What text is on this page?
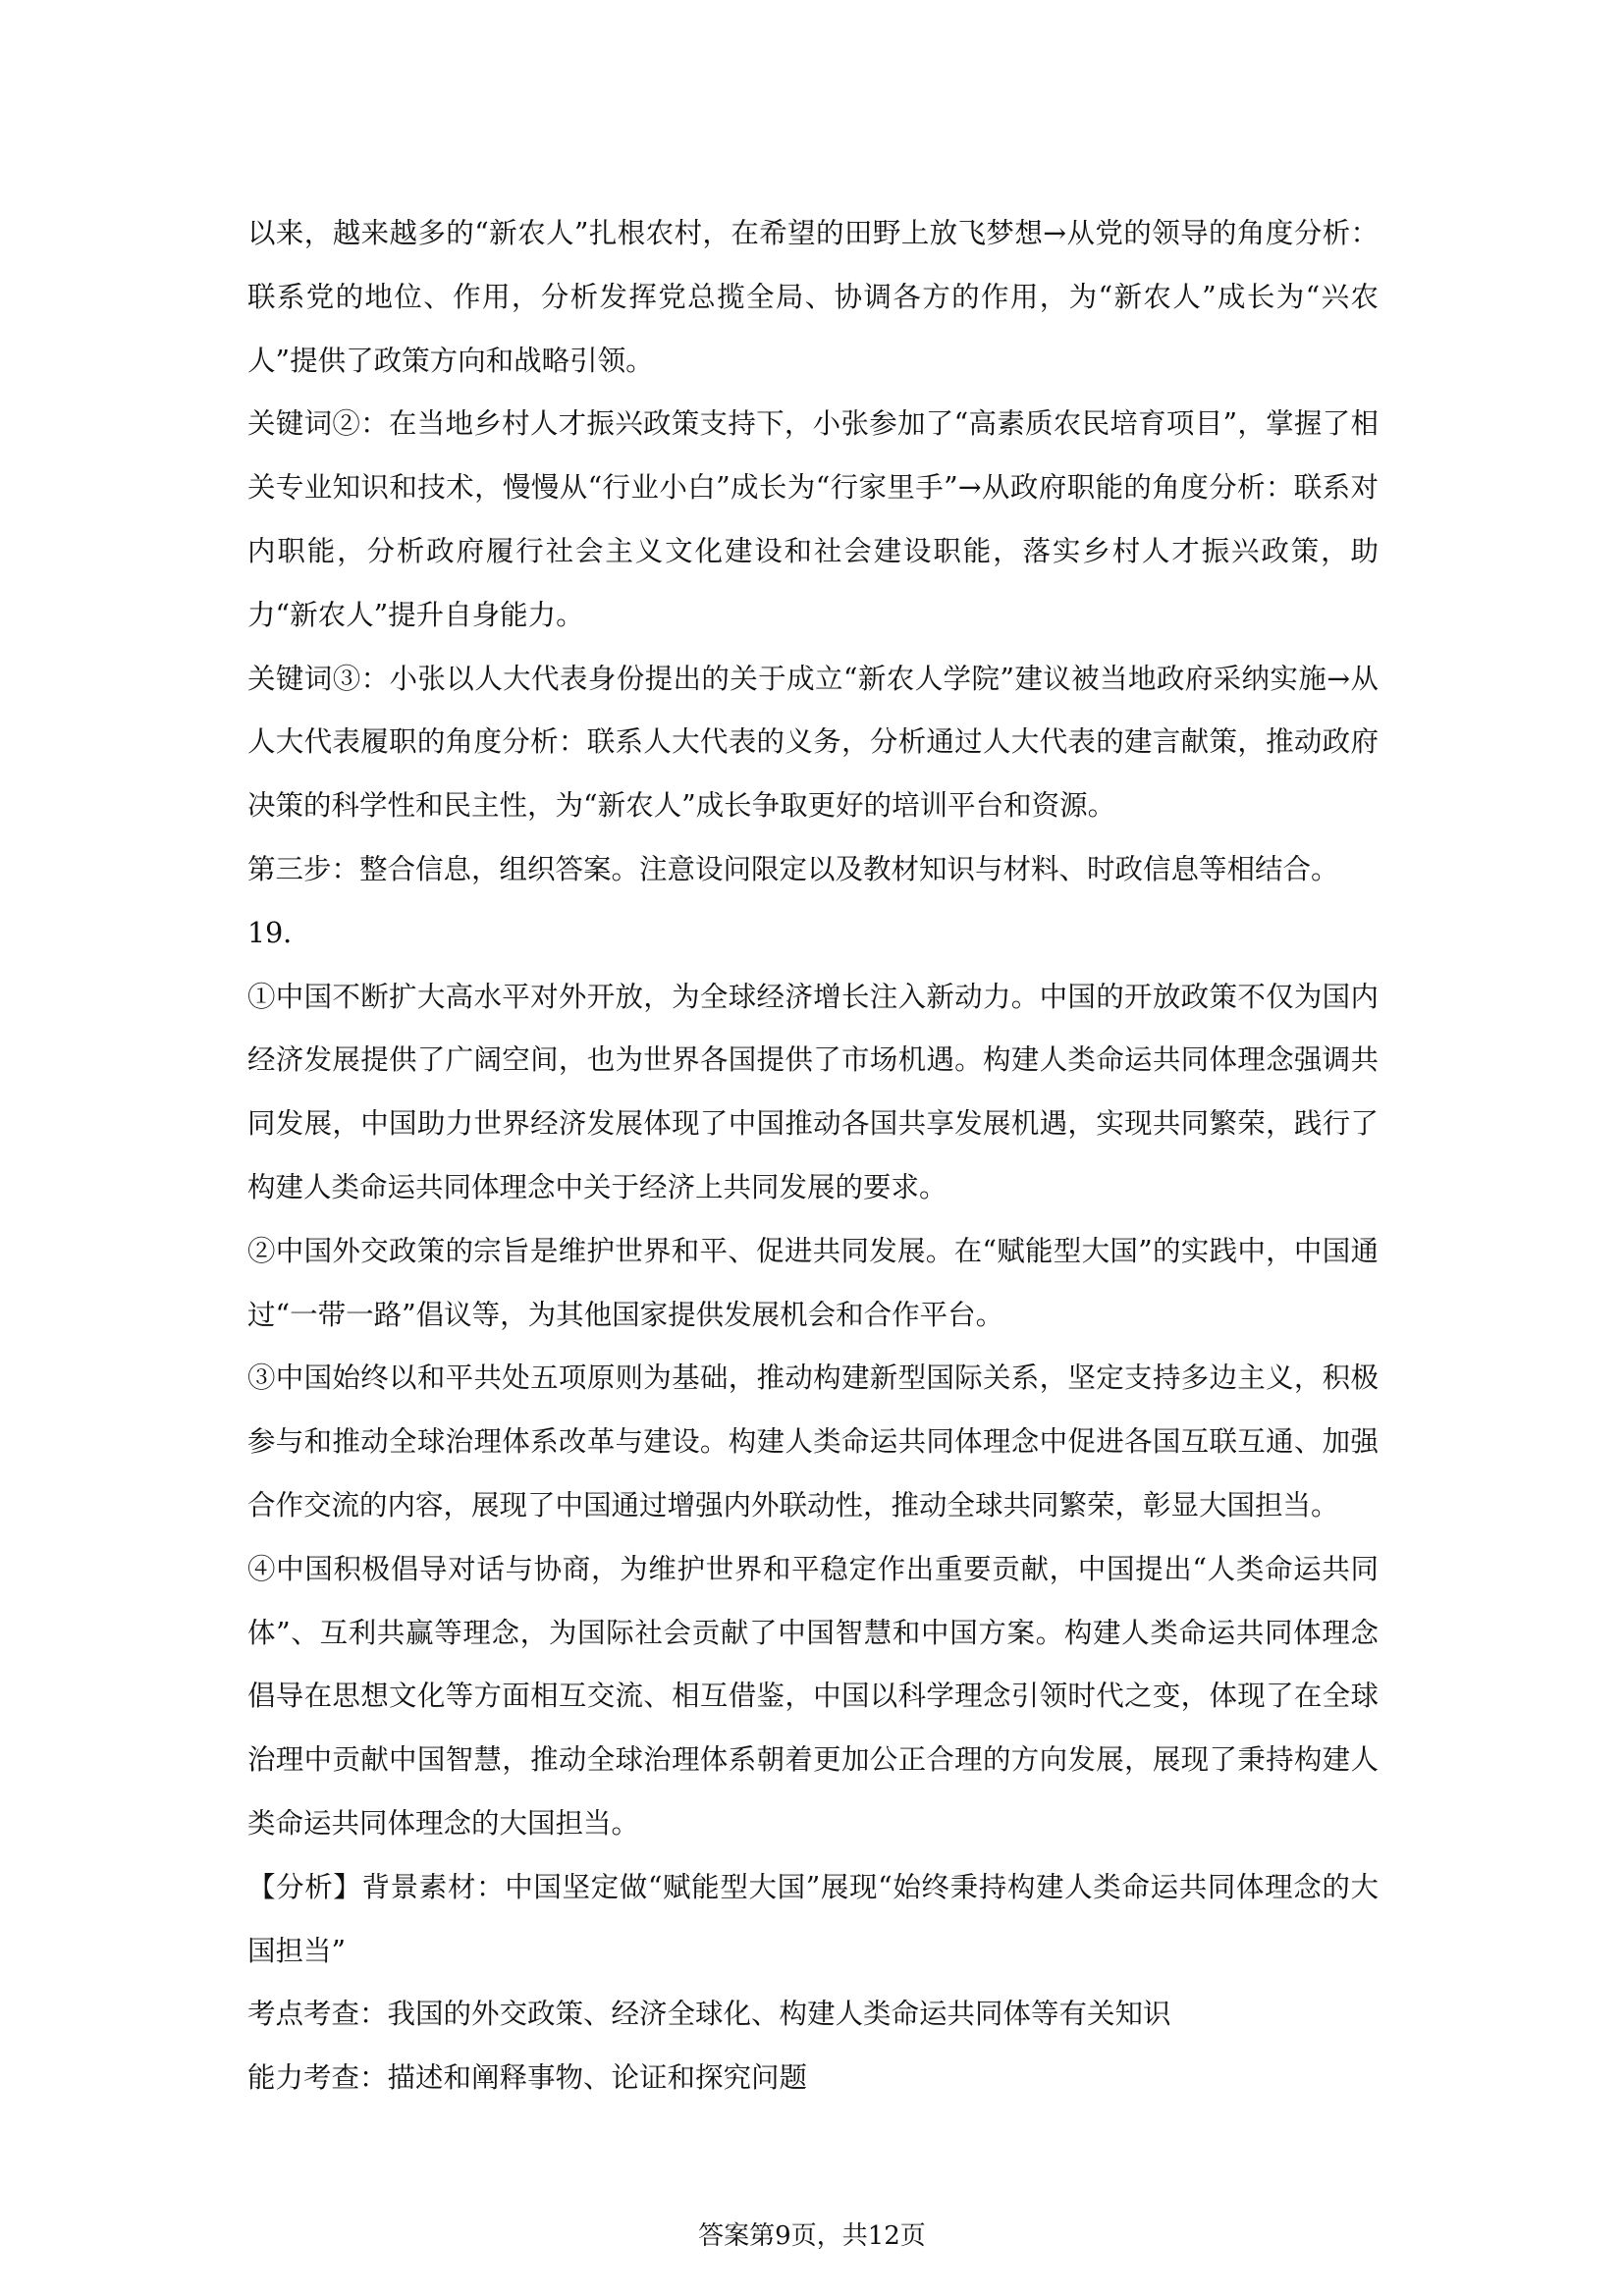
以来，越来越多的“新农人”扎根农村，在希望的田野上放飞梦想→从党的领导的角度分析：联系党的地位、作用，分析发挥党总揽全局、协调各方的作用，为“新农人”成长为“兴农人”提供了政策方向和战略引领。

关键词②：在当地乡村人才振兴政策支持下，小张参加了“高素质农民培育项目”，掌握了相关专业知识和技术，慢慢从“行业小白”成长为“行家里手”→从政府职能的角度分析：联系对内职能，分析政府履行社会主义文化建设和社会建设职能，落实乡村人才振兴政策，助力“新农人”提升自身能力。

关键词③：小张以人大代表身份提出的关于成立“新农人学院”建议被当地政府采纳实施→从人大代表履职的角度分析：联系人大代表的义务，分析通过人大代表的建言献策，推动政府决策的科学性和民主性，为“新农人”成长争取更好的培训平台和资源。

第三步：整合信息，组织答案。注意设问限定以及教材知识与材料、时政信息等相结合。

19．

①中国不断扩大高水平对外开放，为全球经济增长注入新动力。中国的开放政策不仅为国内经济发展提供了广阔空间，也为世界各国提供了市场机遇。构建人类命运共同体理念强调共同发展，中国助力世界经济发展体现了中国推动各国共享发展机遇，实现共同繁荣，践行了构建人类命运共同体理念中关于经济上共同发展的要求。

②中国外交政策的宗旨是维护世界和平、促进共同发展。在“赋能型大国”的实践中，中国通过“一带一路”倡议等，为其他国家提供发展机会和合作平台。

③中国始终以和平共处五项原则为基础，推动构建新型国际关系，坚定支持多边主义，积极参与和推动全球治理体系改革与建设。构建人类命运共同体理念中促进各国互联互通、加强合作交流的内容，展现了中国通过增强内外联动性，推动全球共同繁荣，彰显大国担当。

④中国积极倡导对话与协商，为维护世界和平稳定作出重要贡献，中国提出“人类命运共同体”、互利共赢等理念，为国际社会贡献了中国智慧和中国方案。构建人类命运共同体理念倡导在思想文化等方面相互交流、相互借鉴，中国以科学理念引领时代之变，体现了在全球治理中贡献中国智慧，推动全球治理体系朝着更加公正合理的方向发展，展现了秉持构建人类命运共同体理念的大国担当。

【分析】背景素材：中国坚定做“赋能型大国”展现“始终秉持构建人类命运共同体理念的大国担当”

考点考查：我国的外交政策、经济全球化、构建人类命运共同体等有关知识

能力考查：描述和阐释事物、论证和探究问题

答案第9页，共12页
